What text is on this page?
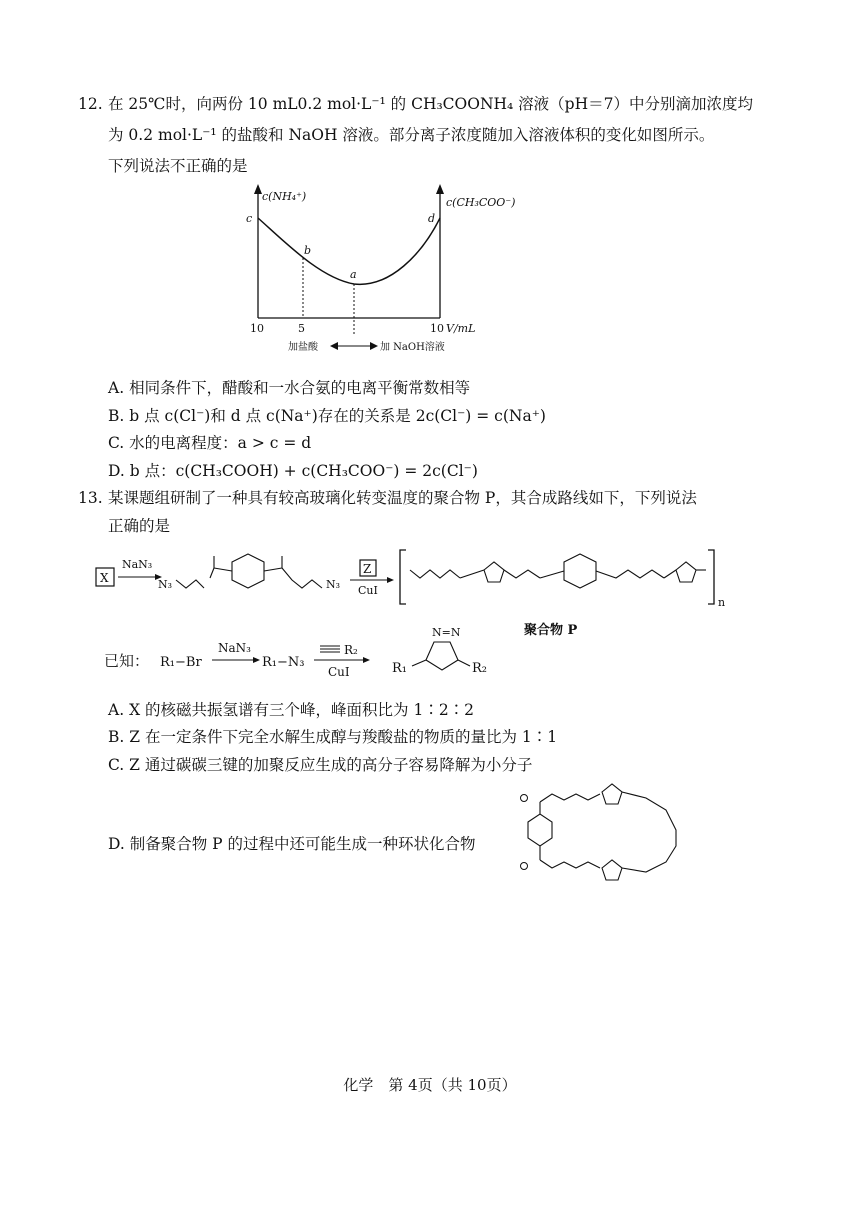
12. 在 25℃时，向两份 10 mL0.2 mol·L⁻¹ 的 CH₃COONH₄ 溶液（pH＝7）中分别滴加浓度均
为 0.2 mol·L⁻¹ 的盐酸和 NaOH 溶液。部分离子浓度随加入溶液体积的变化如图所示。
下列说法不正确的是
c(NH₄⁺)	c(CH₃COO⁻)
c
b
a
d
10	5	10 V/mL
加盐酸	加 NaOH溶液
A. 相同条件下，醋酸和一水合氨的电离平衡常数相等
B. b 点 c(Cl⁻)和 d 点 c(Na⁺)存在的关系是 2c(Cl⁻) = c(Na⁺)
C. 水的电离程度：a > c = d
D. b 点：c(CH₃COOH) + c(CH₃COO⁻) = 2c(Cl⁻)
13. 某课题组研制了一种具有较高玻璃化转变温度的聚合物 P，其合成路线如下，下列说法
正确的是
X
NaN₃
N₃	N₃
Z
CuI
n
聚合物 P
已知： R₁−Br
NaN₃
R₁−N₃
R₂
CuI	R₁
N=N
R₂
A. X 的核磁共振氢谱有三个峰，峰面积比为 1∶2∶2
B. Z 在一定条件下完全水解生成醇与羧酸盐的物质的量比为 1∶1
C. Z 通过碳碳三键的加聚反应生成的高分子容易降解为小分子
D. 制备聚合物 P 的过程中还可能生成一种环状化合物
化学　第 4页（共 10页）
